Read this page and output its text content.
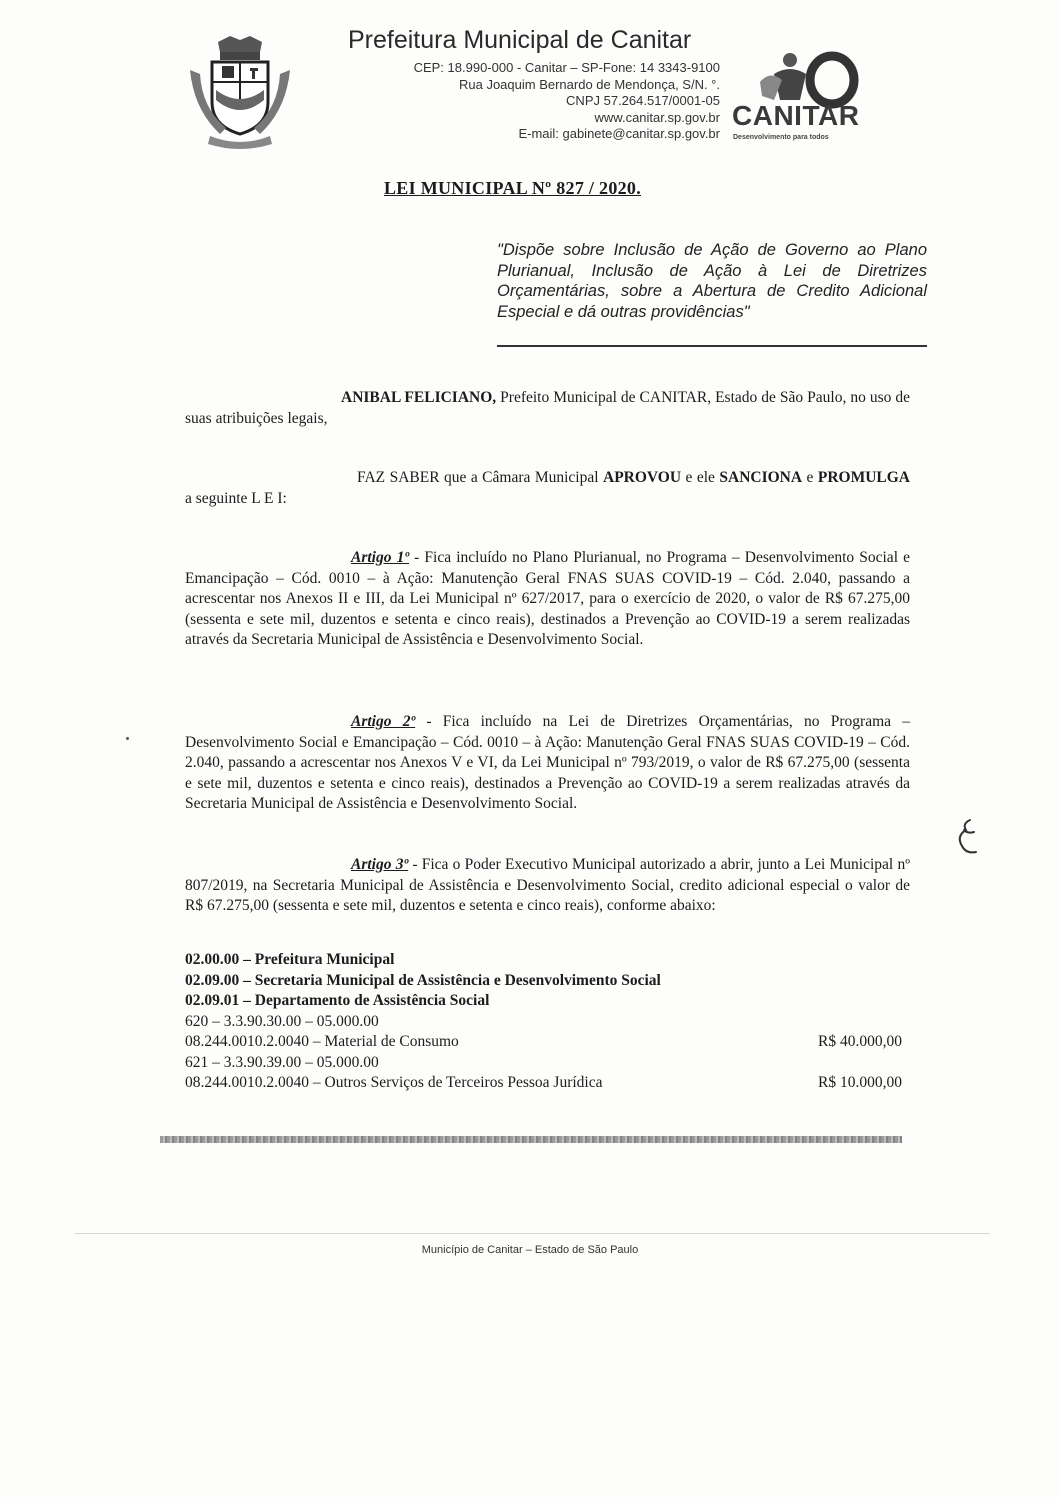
Prefeitura Municipal de Canitar
CEP: 18.990-000 - Canitar – SP-Fone: 14 3343-9100
Rua Joaquim Bernardo de Mendonça, S/N. °.
CNPJ 57.264.517/0001-05
www.canitar.sp.gov.br
E-mail: gabinete@canitar.sp.gov.br
CANITAR
Desenvolvimento para todos
LEI MUNICIPAL Nº 827 / 2020.
"Dispõe sobre Inclusão de Ação de Governo ao Plano Plurianual, Inclusão de Ação à Lei de Diretrizes Orçamentárias, sobre a Abertura de Credito Adicional Especial e dá outras providências"
ANIBAL FELICIANO, Prefeito Municipal de CANITAR, Estado de São Paulo, no uso de suas atribuições legais,
FAZ SABER que a Câmara Municipal APROVOU e ele SANCIONA e PROMULGA a seguinte L E I:
Artigo 1º - Fica incluído no Plano Plurianual, no Programa – Desenvolvimento Social e Emancipação – Cód. 0010 – à Ação: Manutenção Geral FNAS SUAS COVID-19 – Cód. 2.040, passando a acrescentar nos Anexos II e III, da Lei Municipal nº 627/2017, para o exercício de 2020, o valor de R$ 67.275,00 (sessenta e sete mil, duzentos e setenta e cinco reais), destinados a Prevenção ao COVID-19 a serem realizadas através da Secretaria Municipal de Assistência e Desenvolvimento Social.
Artigo 2º - Fica incluído na Lei de Diretrizes Orçamentárias, no Programa – Desenvolvimento Social e Emancipação – Cód. 0010 – à Ação: Manutenção Geral FNAS SUAS COVID-19 – Cód. 2.040, passando a acrescentar nos Anexos V e VI, da Lei Municipal nº 793/2019, o valor de R$ 67.275,00 (sessenta e sete mil, duzentos e setenta e cinco reais), destinados a Prevenção ao COVID-19 a serem realizadas através da Secretaria Municipal de Assistência e Desenvolvimento Social.
Artigo 3º - Fica o Poder Executivo Municipal autorizado a abrir, junto a Lei Municipal nº 807/2019, na Secretaria Municipal de Assistência e Desenvolvimento Social, credito adicional especial o valor de R$ 67.275,00 (sessenta e sete mil, duzentos e setenta e cinco reais), conforme abaixo:
02.00.00 – Prefeitura Municipal
02.09.00 – Secretaria Municipal de Assistência e Desenvolvimento Social
02.09.01 – Departamento de Assistência Social
620 – 3.3.90.30.00 – 05.000.00
08.244.0010.2.0040 – Material de Consumo	R$ 40.000,00
621 – 3.3.90.39.00 – 05.000.00
08.244.0010.2.0040 – Outros Serviços de Terceiros Pessoa Jurídica	R$ 10.000,00
Município de Canitar – Estado de São Paulo
